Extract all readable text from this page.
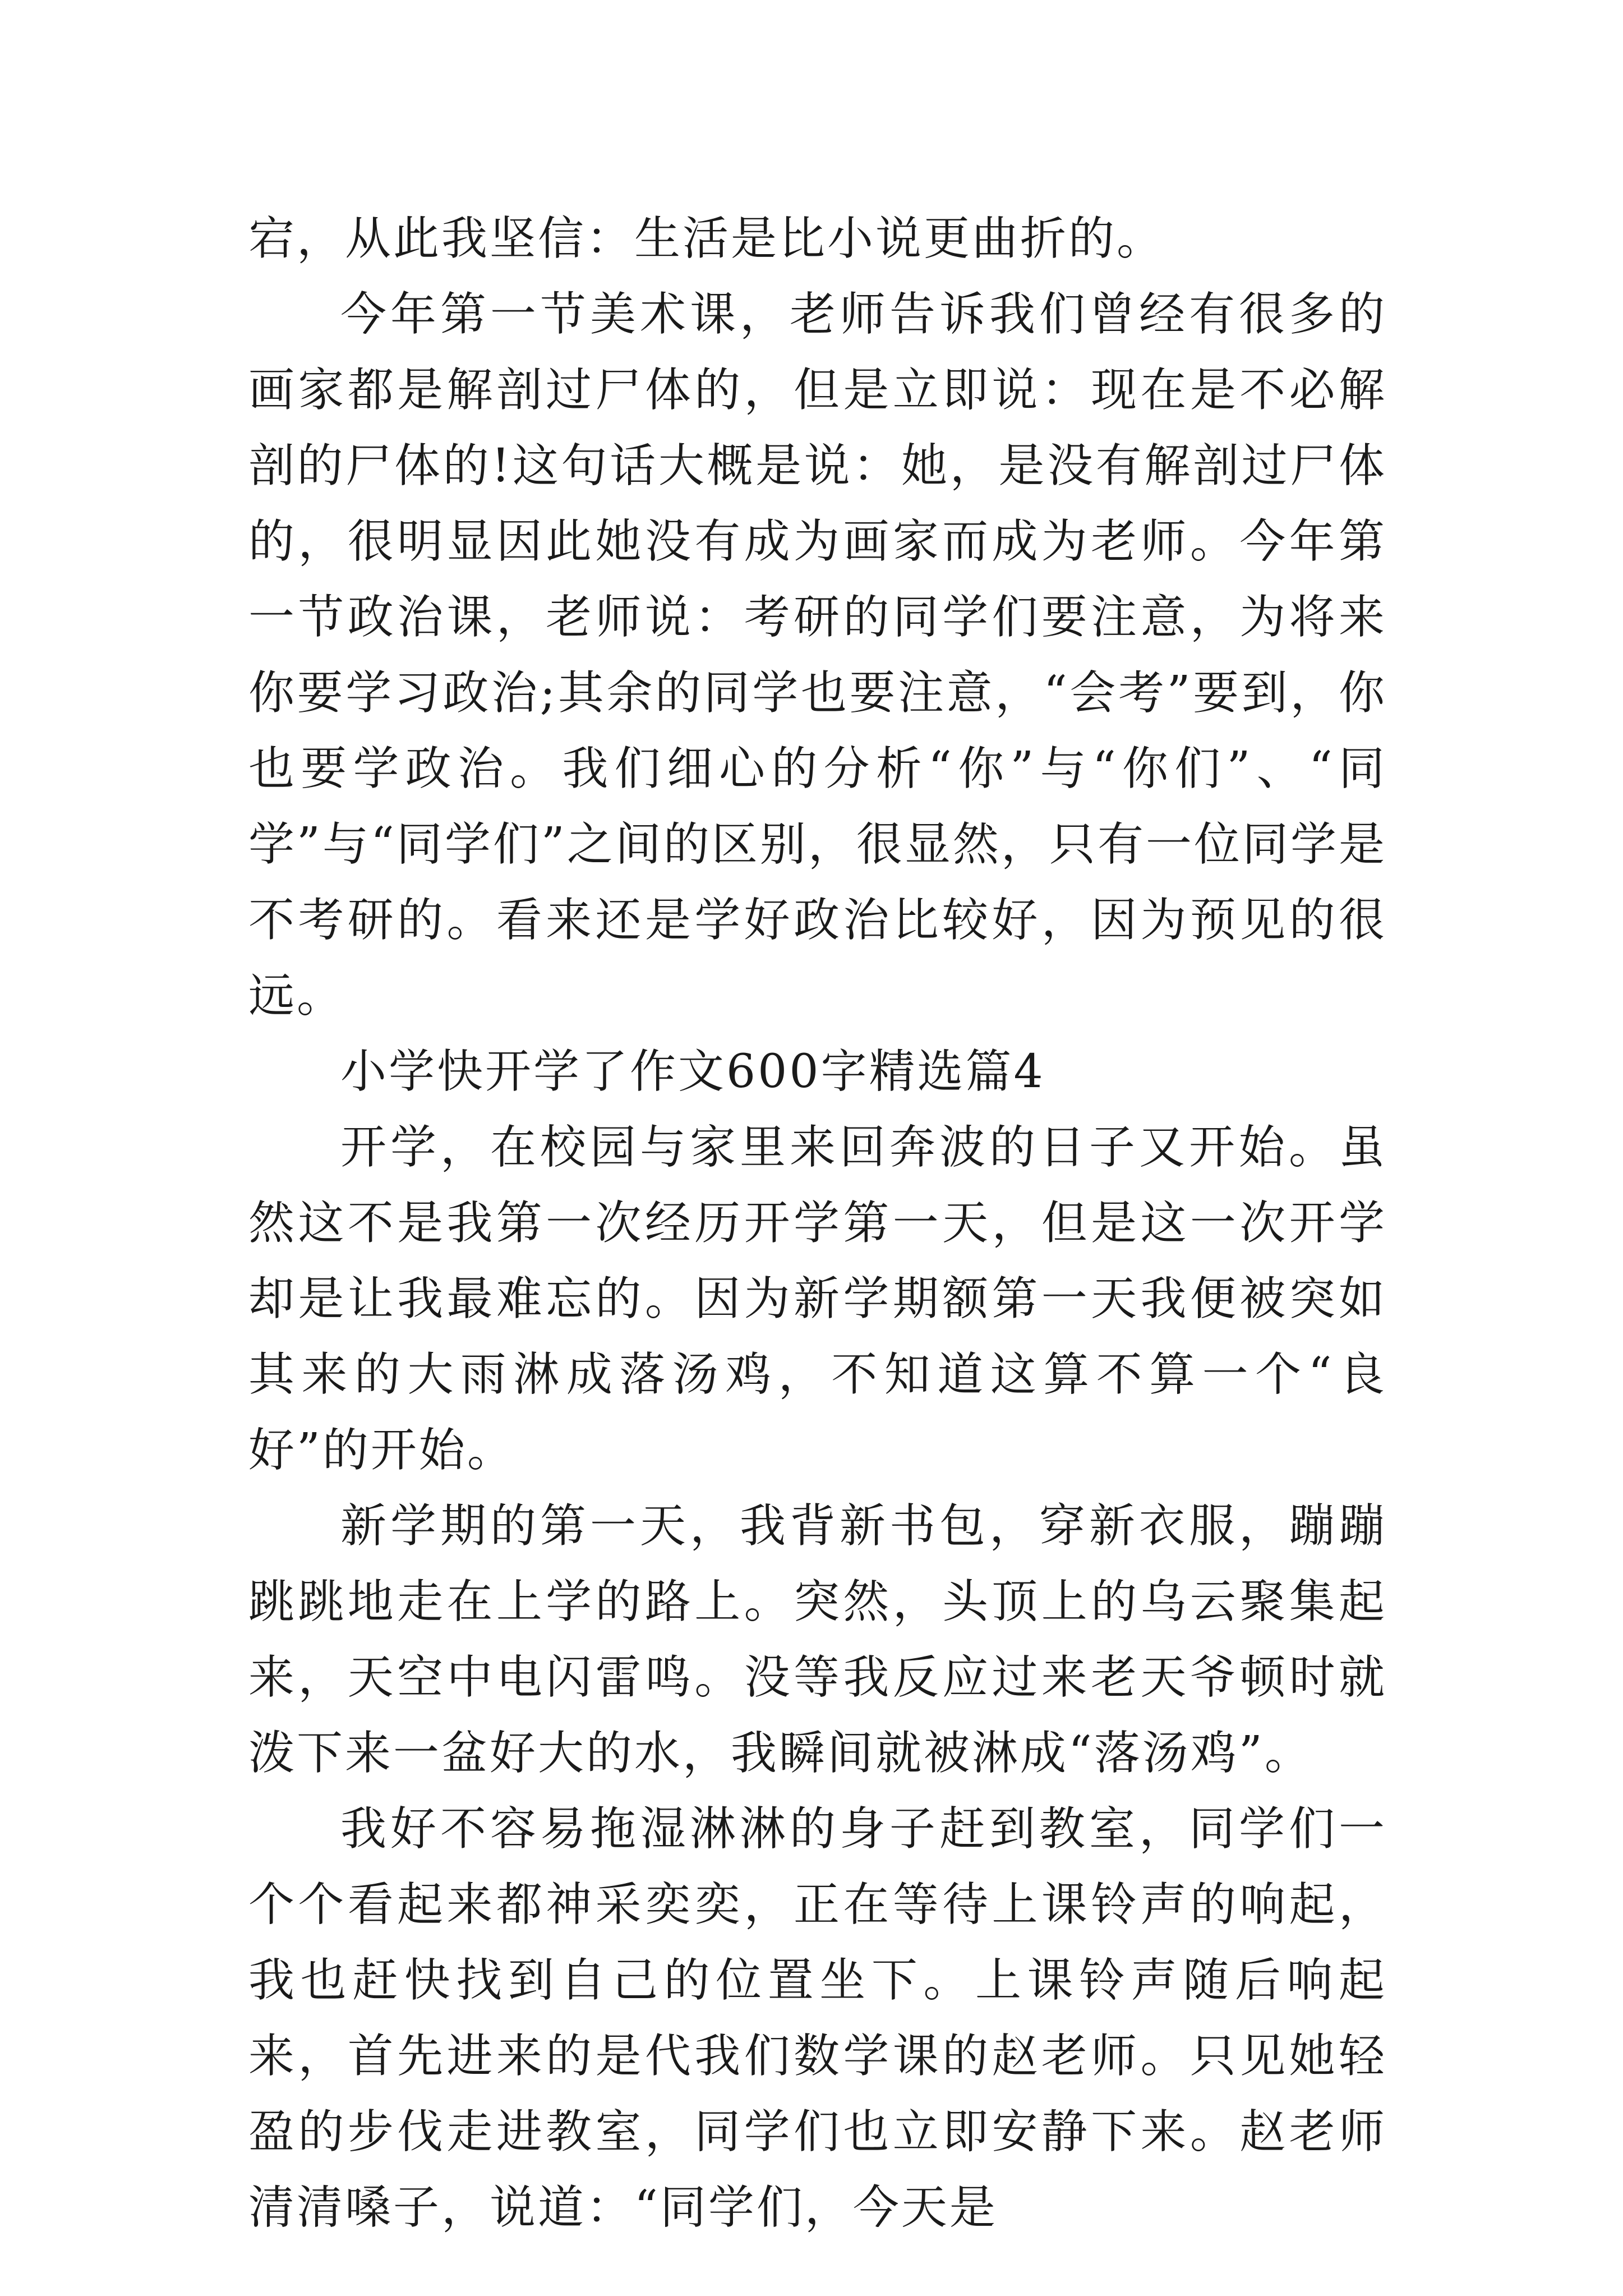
宕，从此我坚信：生活是比小说更曲折的。

今年第一节美术课，老师告诉我们曾经有很多的画家都是解剖过尸体的，但是立即说：现在是不必解剖的尸体的!这句话大概是说：她，是没有解剖过尸体的，很明显因此她没有成为画家而成为老师。今年第一节政治课，老师说：考研的同学们要注意，为将来你要学习政治;其余的同学也要注意，“会考”要到，你也要学政治。我们细心的分析“你”与“你们”、“同学”与“同学们”之间的区别，很显然，只有一位同学是不考研的。看来还是学好政治比较好，因为预见的很远。

小学快开学了作文600字精选篇4

开学，在校园与家里来回奔波的日子又开始。虽然这不是我第一次经历开学第一天，但是这一次开学却是让我最难忘的。因为新学期额第一天我便被突如其来的大雨淋成落汤鸡，不知道这算不算一个“良好”的开始。

新学期的第一天，我背新书包，穿新衣服，蹦蹦跳跳地走在上学的路上。突然，头顶上的乌云聚集起来，天空中电闪雷鸣。没等我反应过来老天爷顿时就泼下来一盆好大的水，我瞬间就被淋成“落汤鸡”。

我好不容易拖湿淋淋的身子赶到教室，同学们一个个看起来都神采奕奕，正在等待上课铃声的响起，我也赶快找到自己的位置坐下。上课铃声随后响起来，首先进来的是代我们数学课的赵老师。只见她轻盈的步伐走进教室，同学们也立即安静下来。赵老师清清嗓子，说道：“同学们，今天是
